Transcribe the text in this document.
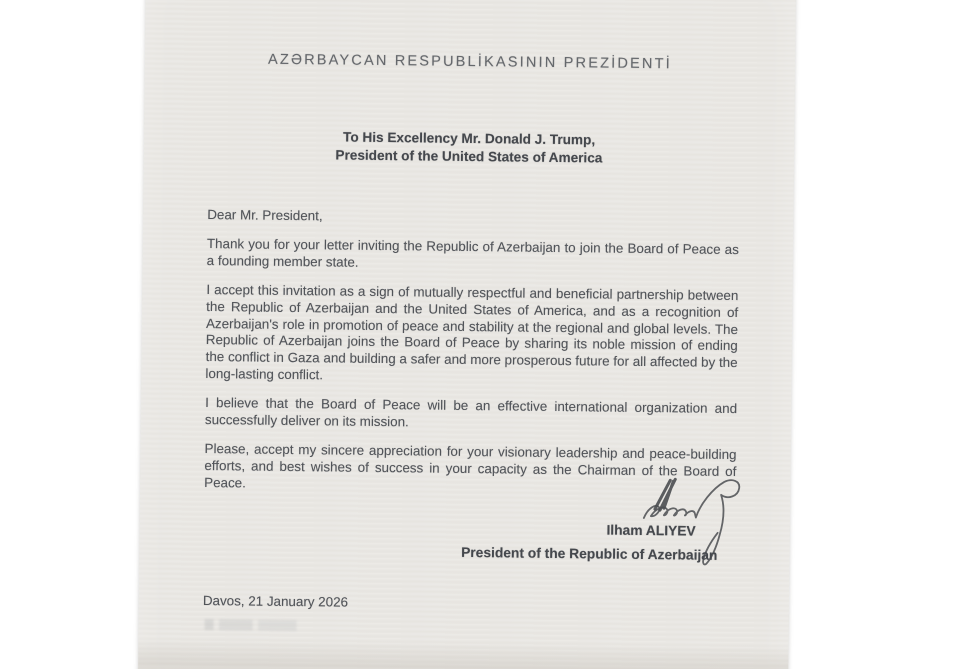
AZƏRBAYCAN RESPUBLİKASININ PREZİDENTİ
To His Excellency Mr. Donald J. Trump,
President of the United States of America

Dear Mr. President,

Thank you for your letter inviting the Republic of Azerbaijan to join the Board of Peace as a founding member state.

I accept this invitation as a sign of mutually respectful and beneficial partnership between the Republic of Azerbaijan and the United States of America, and as a recognition of Azerbaijan's role in promotion of peace and stability at the regional and global levels. The Republic of Azerbaijan joins the Board of Peace by sharing its noble mission of ending the conflict in Gaza and building a safer and more prosperous future for all affected by the long-lasting conflict.

I believe that the Board of Peace will be an effective international organization and successfully deliver on its mission.

Please, accept my sincere appreciation for your visionary leadership and peace-building efforts, and best wishes of success in your capacity as the Chairman of the Board of Peace.

Ilham ALIYEV
President of the Republic of Azerbaijan
Davos, 21 January 2026
